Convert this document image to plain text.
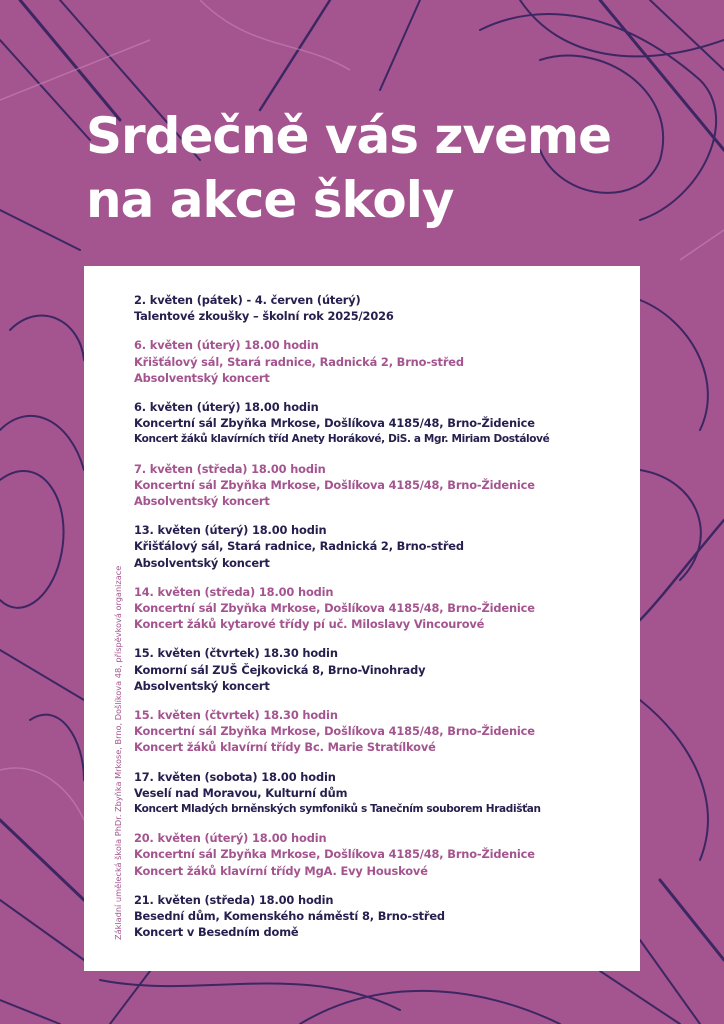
Srdečně vás zveme
na akce školy
Základní umělecká škola PhDr. Zbyňka Mrkose, Brno, Došlíkova 48, příspěvková organizace
2. květen (pátek) - 4. červen (úterý)
Talentové zkoušky – školní rok 2025/2026
6. květen (úterý) 18.00 hodin
Křišťálový sál, Stará radnice, Radnická 2, Brno-střed
Absolventský koncert
6. květen (úterý) 18.00 hodin
Koncertní sál Zbyňka Mrkose, Došlíkova 4185/48, Brno-Židenice
Koncert žáků klavírních tříd Anety Horákové, DiS. a Mgr. Miriam Dostálové
7. květen (středa) 18.00 hodin
Koncertní sál Zbyňka Mrkose, Došlíkova 4185/48, Brno-Židenice
Absolventský koncert
13. květen (úterý) 18.00 hodin
Křišťálový sál, Stará radnice, Radnická 2, Brno-střed
Absolventský koncert
14. květen (středa) 18.00 hodin
Koncertní sál Zbyňka Mrkose, Došlíkova 4185/48, Brno-Židenice
Koncert žáků kytarové třídy pí uč. Miloslavy Vincourové
15. květen (čtvrtek) 18.30 hodin
Komorní sál ZUŠ Čejkovická 8, Brno-Vinohrady
Absolventský koncert
15. květen (čtvrtek) 18.30 hodin
Koncertní sál Zbyňka Mrkose, Došlíkova 4185/48, Brno-Židenice
Koncert žáků klavírní třídy Bc. Marie Stratílkové
17. květen (sobota) 18.00 hodin
Veselí nad Moravou, Kulturní dům
Koncert Mladých brněnských symfoniků s Tanečním souborem Hradišťan
20. květen (úterý) 18.00 hodin
Koncertní sál Zbyňka Mrkose, Došlíkova 4185/48, Brno-Židenice
Koncert žáků klavírní třídy MgA. Evy Houskové
21. květen (středa) 18.00 hodin
Besední dům, Komenského náměstí 8, Brno-střed
Koncert v Besedním domě
